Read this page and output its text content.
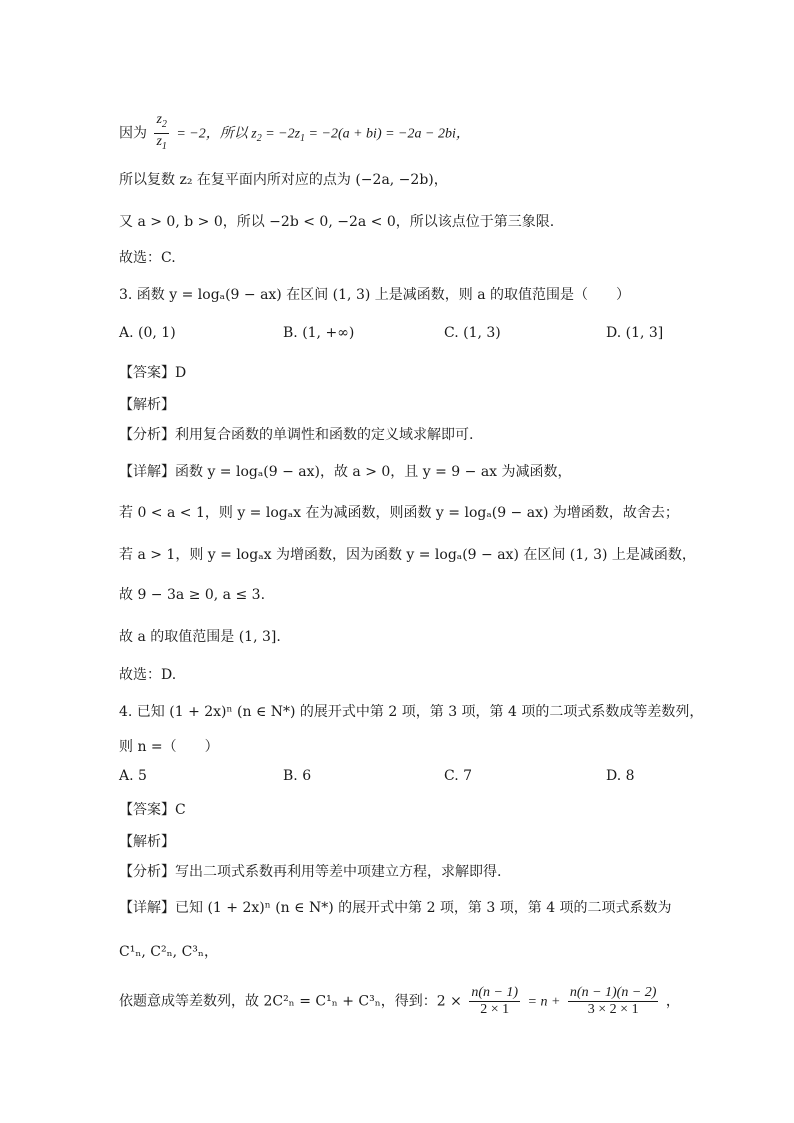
因为 $\frac{z_2}{z_1} = -2$，所以 $z_2 = -2z_1 = -2(a + bi) = -2a - 2bi$，
所以复数 z₂ 在复平面内所对应的点为 (−2a, −2b)，
又 a > 0, b > 0，所以 −2b < 0, −2a < 0，所以该点位于第三象限.
故选：C.
3. 函数 y = logₐ(9 − ax) 在区间 (1, 3) 上是减函数，则 a 的取值范围是（　　）
A. (0, 1)	B. (1, +∞)	C. (1, 3)	D. (1, 3]
【答案】D
【解析】
【分析】利用复合函数的单调性和函数的定义域求解即可.
【详解】函数 y = logₐ(9 − ax)，故 a > 0，且 y = 9 − ax 为减函数，
若 0 < a < 1，则 y = logₐx 在为减函数，则函数 y = logₐ(9 − ax) 为增函数，故舍去；
若 a > 1，则 y = logₐx 为增函数，因为函数 y = logₐ(9 − ax) 在区间 (1, 3) 上是减函数，
故 9 − 3a ≥ 0, a ≤ 3.
故 a 的取值范围是 (1, 3].
故选：D.
4. 已知 (1 + 2x)ⁿ (n ∈ N*) 的展开式中第 2 项，第 3 项，第 4 项的二项式系数成等差数列，
则 n =（　　）
A. 5	B. 6	C. 7	D. 8
【答案】C
【解析】
【分析】写出二项式系数再利用等差中项建立方程，求解即得.
【详解】已知 (1 + 2x)ⁿ (n ∈ N*) 的展开式中第 2 项，第 3 项，第 4 项的二项式系数为
C¹ₙ, C²ₙ, C³ₙ，
依题意成等差数列，故 2C²ₙ = C¹ₙ + C³ₙ，得到：$2 \times \frac{n(n - 1)}{2 \times 1} = n + \frac{n(n - 1)(n - 2)}{3 \times 2 \times 1}$ ，
